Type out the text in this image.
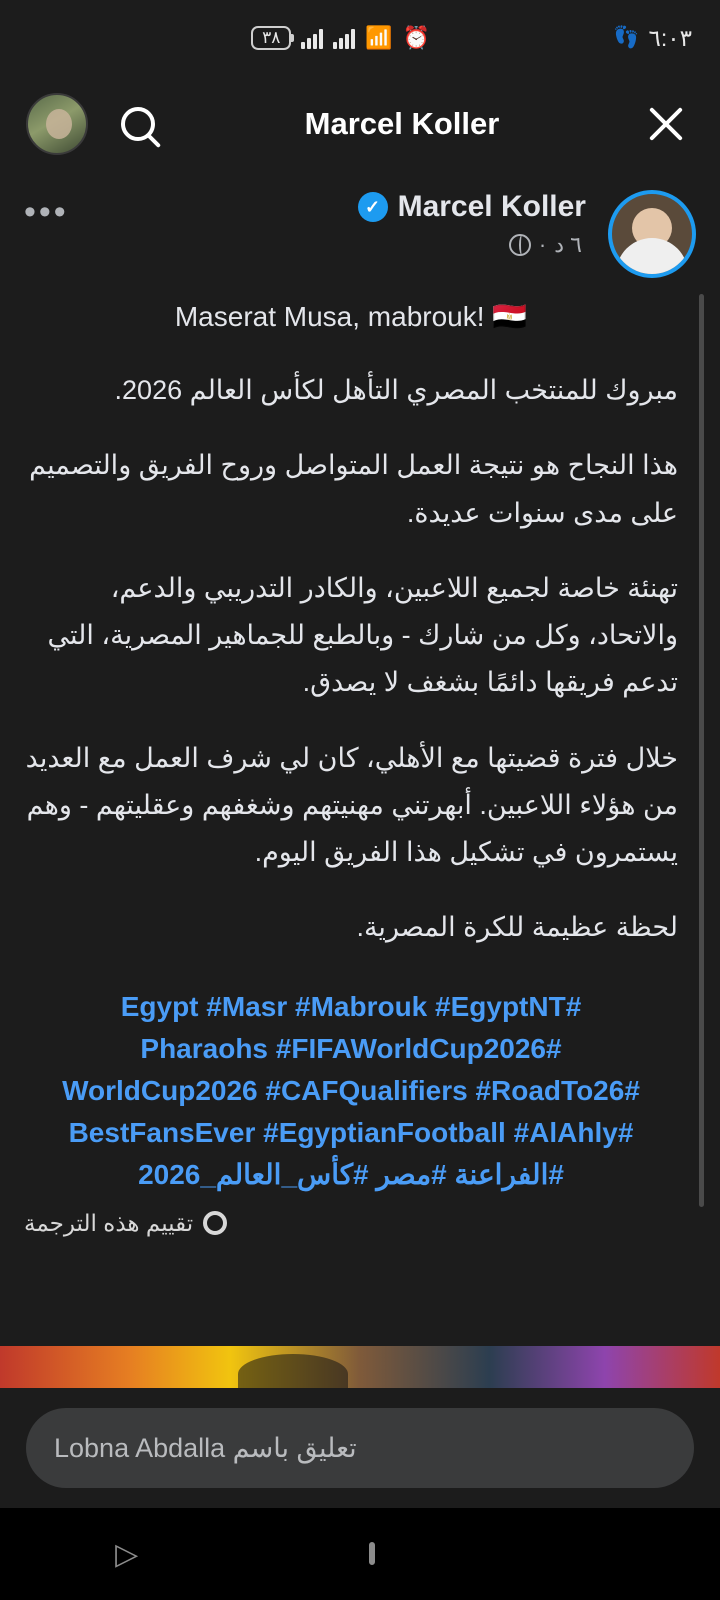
٣٨	📶 ⏰	👣 ٦:٠٣
Marcel Koller
•••	✓ Marcel Koller
· ٦ د
Maserat Musa, mabrouk! 🇪🇬
مبروك للمنتخب المصري التأهل لكأس العالم 2026.
هذا النجاح هو نتيجة العمل المتواصل وروح الفريق والتصميم على مدى سنوات عديدة.
تهنئة خاصة لجميع اللاعبين، والكادر التدريبي والدعم، والاتحاد، وكل من شارك - وبالطبع للجماهير المصرية، التي تدعم فريقها دائمًا بشغف لا يصدق.
خلال فترة قضيتها مع الأهلي، كان لي شرف العمل مع العديد من هؤلاء اللاعبين. أبهرتني مهنيتهم وشغفهم وعقليتهم - وهم يستمرون في تشكيل هذا الفريق اليوم.
لحظة عظيمة للكرة المصرية.
#Egypt #Masr #Mabrouk #EgyptNT
#Pharaohs #FIFAWorldCup2026
#WorldCup2026 #CAFQualifiers #RoadTo26
#BestFansEver #EgyptianFootball #AlAhly
#الفراعنة #مصر #كأس_العالم_2026
تقييم هذه الترجمة
تعليق باسم Lobna Abdalla
▷
